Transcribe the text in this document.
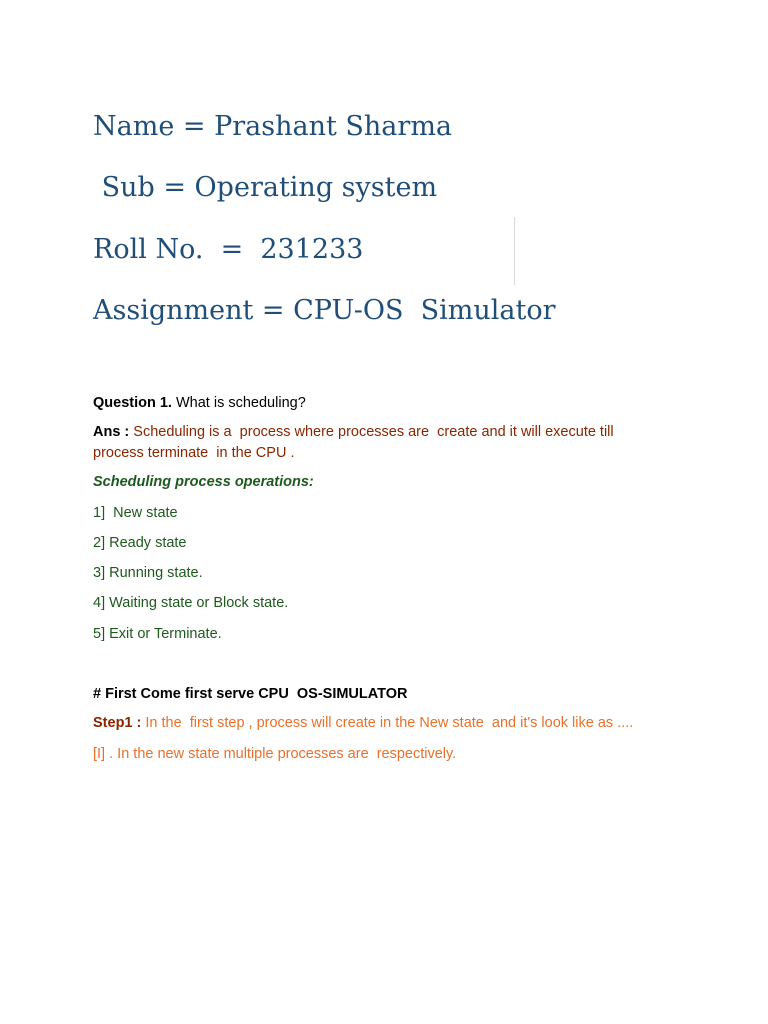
Name = Prashant Sharma
Sub = Operating system
Roll No.  =  231233
Assignment = CPU-OS  Simulator
Question 1. What is scheduling?
Ans : Scheduling is a  process where processes are  create and it will execute till
process terminate  in the CPU .
Scheduling process operations:
1]  New state
2] Ready state
3] Running state.
4] Waiting state or Block state.
5] Exit or Terminate.
# First Come first serve CPU  OS-SIMULATOR
Step1 : In the  first step , process will create in the New state  and it's look like as ....
[I] . In the new state multiple processes are  respectively.
